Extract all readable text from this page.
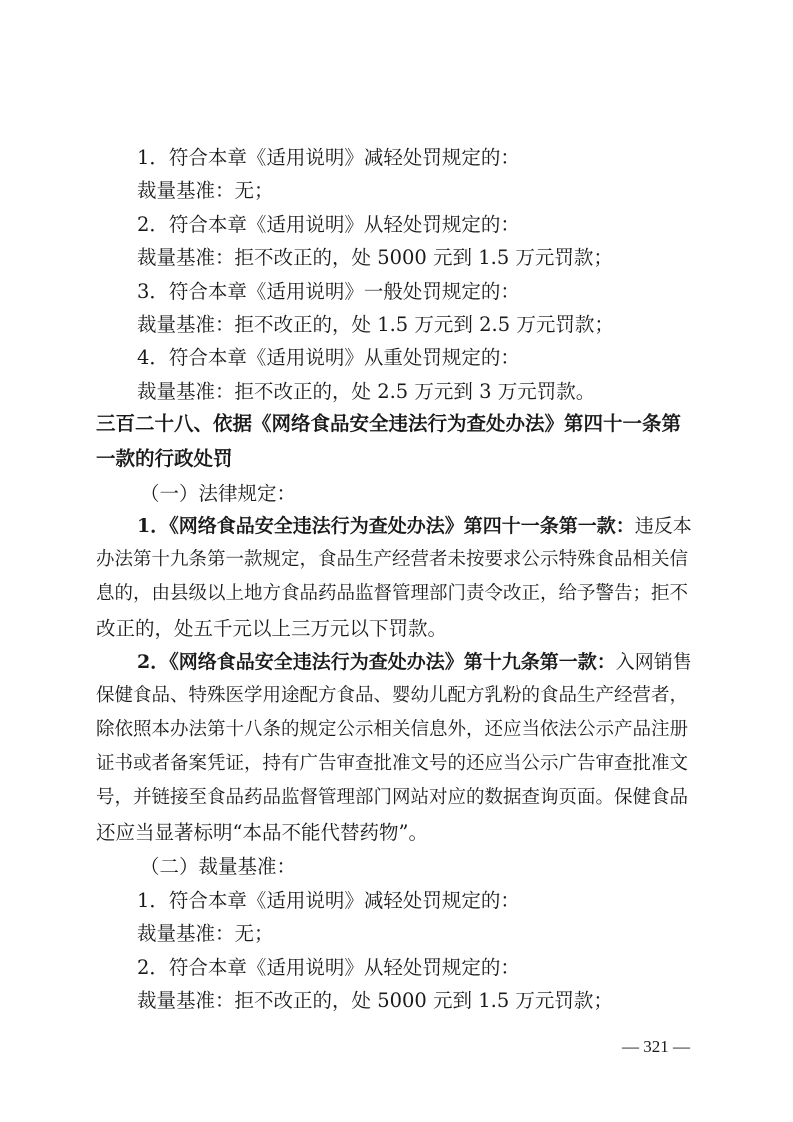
1．符合本章《适用说明》减轻处罚规定的：
裁量基准：无；
2．符合本章《适用说明》从轻处罚规定的：
裁量基准：拒不改正的，处 5000 元到 1.5 万元罚款；
3．符合本章《适用说明》一般处罚规定的：
裁量基准：拒不改正的，处 1.5 万元到 2.5 万元罚款；
4．符合本章《适用说明》从重处罚规定的：
裁量基准：拒不改正的，处 2.5 万元到 3 万元罚款。
三百二十八、依据《网络食品安全违法行为查处办法》第四十一条第
一款的行政处罚
（一）法律规定：
1．《网络食品安全违法行为查处办法》第四十一条第一款：违反本
办法第十九条第一款规定，食品生产经营者未按要求公示特殊食品相关信
息的，由县级以上地方食品药品监督管理部门责令改正，给予警告；拒不
改正的，处五千元以上三万元以下罚款。
2．《网络食品安全违法行为查处办法》第十九条第一款：入网销售
保健食品、特殊医学用途配方食品、婴幼儿配方乳粉的食品生产经营者，
除依照本办法第十八条的规定公示相关信息外，还应当依法公示产品注册
证书或者备案凭证，持有广告审查批准文号的还应当公示广告审查批准文
号，并链接至食品药品监督管理部门网站对应的数据查询页面。保健食品
还应当显著标明“本品不能代替药物”。
（二）裁量基准：
1．符合本章《适用说明》减轻处罚规定的：
裁量基准：无；
2．符合本章《适用说明》从轻处罚规定的：
裁量基准：拒不改正的，处 5000 元到 1.5 万元罚款；
— 321 —
